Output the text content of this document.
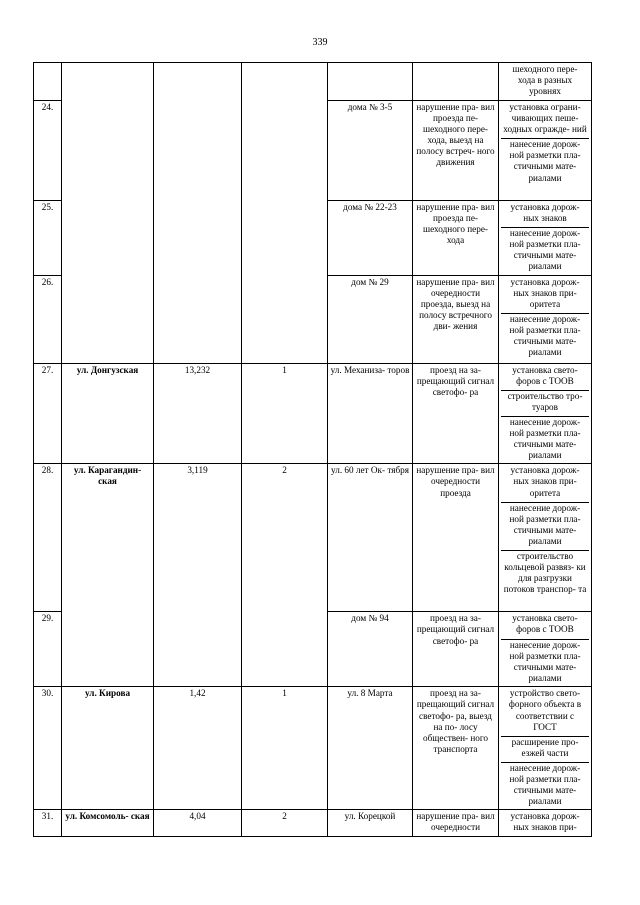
339

						шеходного пере- хода в разных уровнях

24.				дома № 3-5	нарушение пра- вил проезда пе- шеходного пере- хода, выезд на полосу встреч- ного движения	установка ограни- чивающих пеше- ходных огражде- ний
нанесение дорож- ной разметки пла- стичными мате- риалами

25.				дома № 22-23	нарушение пра- вил проезда пе- шеходного пере- хода	установка дорож- ных знаков
нанесение дорож- ной разметки пла- стичными мате- риалами

26.				дом № 29	нарушение пра- вил очередности проезда, выезд на полосу встречного дви- жения	установка дорож- ных знаков при- оритета
нанесение дорож- ной разметки пла- стичными мате- риалами

27.	ул. Донгузская	13,232	1	ул. Механиза- торов	проезд на за- прещающий сигнал светофо- ра	установка свето- форов с ТООВ
строительство тро- туаров
нанесение дорож- ной разметки пла- стичными мате- риалами

28.	ул. Карагандин- ская	3,119	2	ул. 60 лет Ок- тября	нарушение пра- вил очередности проезда	установка дорож- ных знаков при- оритета
нанесение дорож- ной разметки пла- стичными мате- риалами
строительство кольцевой развяз- ки для разгрузки потоков транспор- та

29.				дом № 94	проезд на за- прещающий сигнал светофо- ра	установка свето- форов с ТООВ
нанесение дорож- ной разметки пла- стичными мате- риалами

30.	ул. Кирова	1,42	1	ул. 8 Марта	проезд на за- прещающий сигнал светофо- ра, выезд на по- лосу обществен- ного транспорта	устройство свето- форного объекта в соответствии с ГОСТ
расширение про- езжей части
нанесение дорож- ной разметки пла- стичными мате- риалами

31.	ул. Комсомоль- ская	4,04	2	ул. Корецкой	нарушение пра- вил очередности	установка дорож- ных знаков при-
